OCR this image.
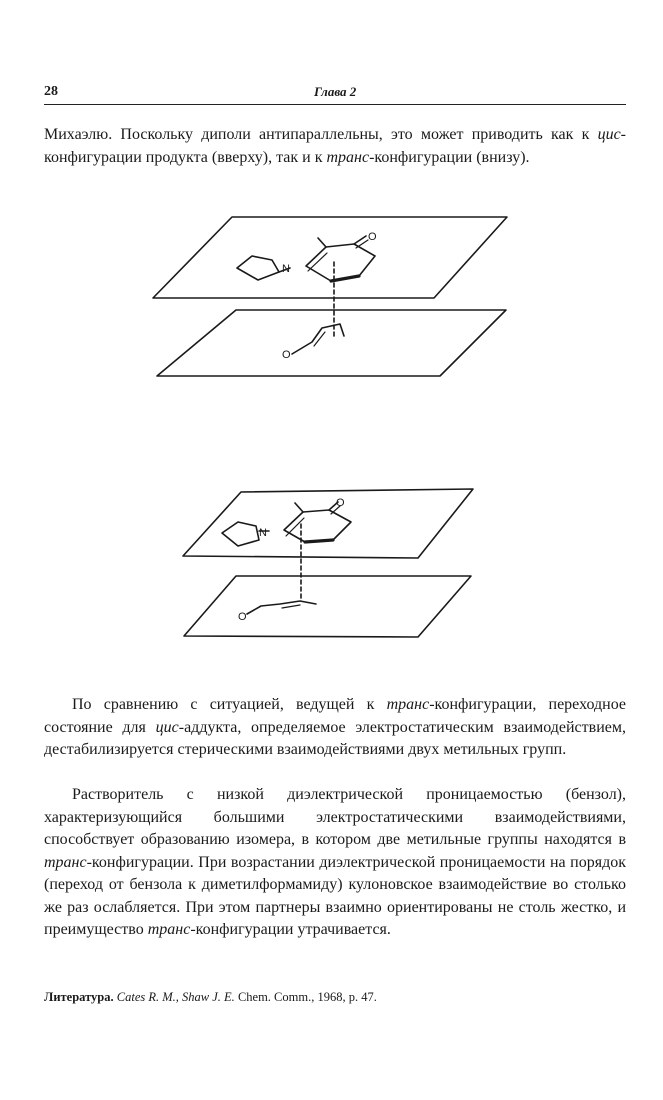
28	Глава 2

Михаэлю. Поскольку диполи антипараллельны, это может приводить как к цис-конфигурации продукта (вверху), так и к транс-конфигурации (внизу).

N
O
O
N
O
O

По сравнению с ситуацией, ведущей к транс-конфигурации, переходное состояние для цис-аддукта, определяемое электростатическим взаимодействием, дестабилизируется стерическими взаимодействиями двух метильных групп.

Растворитель с низкой диэлектрической проницаемостью (бензол), характеризующийся большими электростатическими взаимодействиями, способствует образованию изомера, в котором две метильные группы находятся в транс-конфигурации. При возрастании диэлектрической проницаемости на порядок (переход от бензола к диметилформамиду) кулоновское взаимодействие во столько же раз ослабляется. При этом партнеры взаимно ориентированы не столь жестко, и преимущество транс-конфигурации утрачивается.

Литература. Cates R. M., Shaw J. E. Chem. Comm., 1968, p. 47.
